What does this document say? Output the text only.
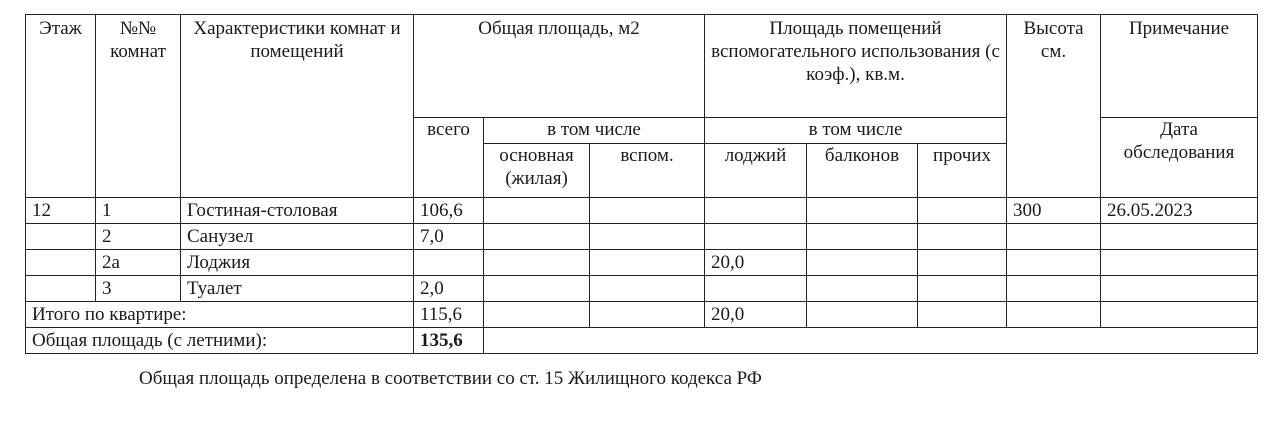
Этаж	№№ комнат	Характеристики комнат и помещений	Общая площадь, м2			Площадь помещений вспомогательного использования (с коэф.), кв.м.			Высота см.	Примечание
			всего	в том числе		в том числе				Дата обследования
				основная (жилая)	вспом.	лоджий	балконов	прочих		
12	1	Гостиная-столовая	106,6						300	26.05.2023
	2	Санузел	7,0							
	2а	Лоджия				20,0				
	3	Туалет	2,0							
Итого по квартире:			115,6			20,0				
Общая площадь (с летними):			135,6							
Общая площадь определена в соответствии со ст. 15 Жилищного кодекса РФ
